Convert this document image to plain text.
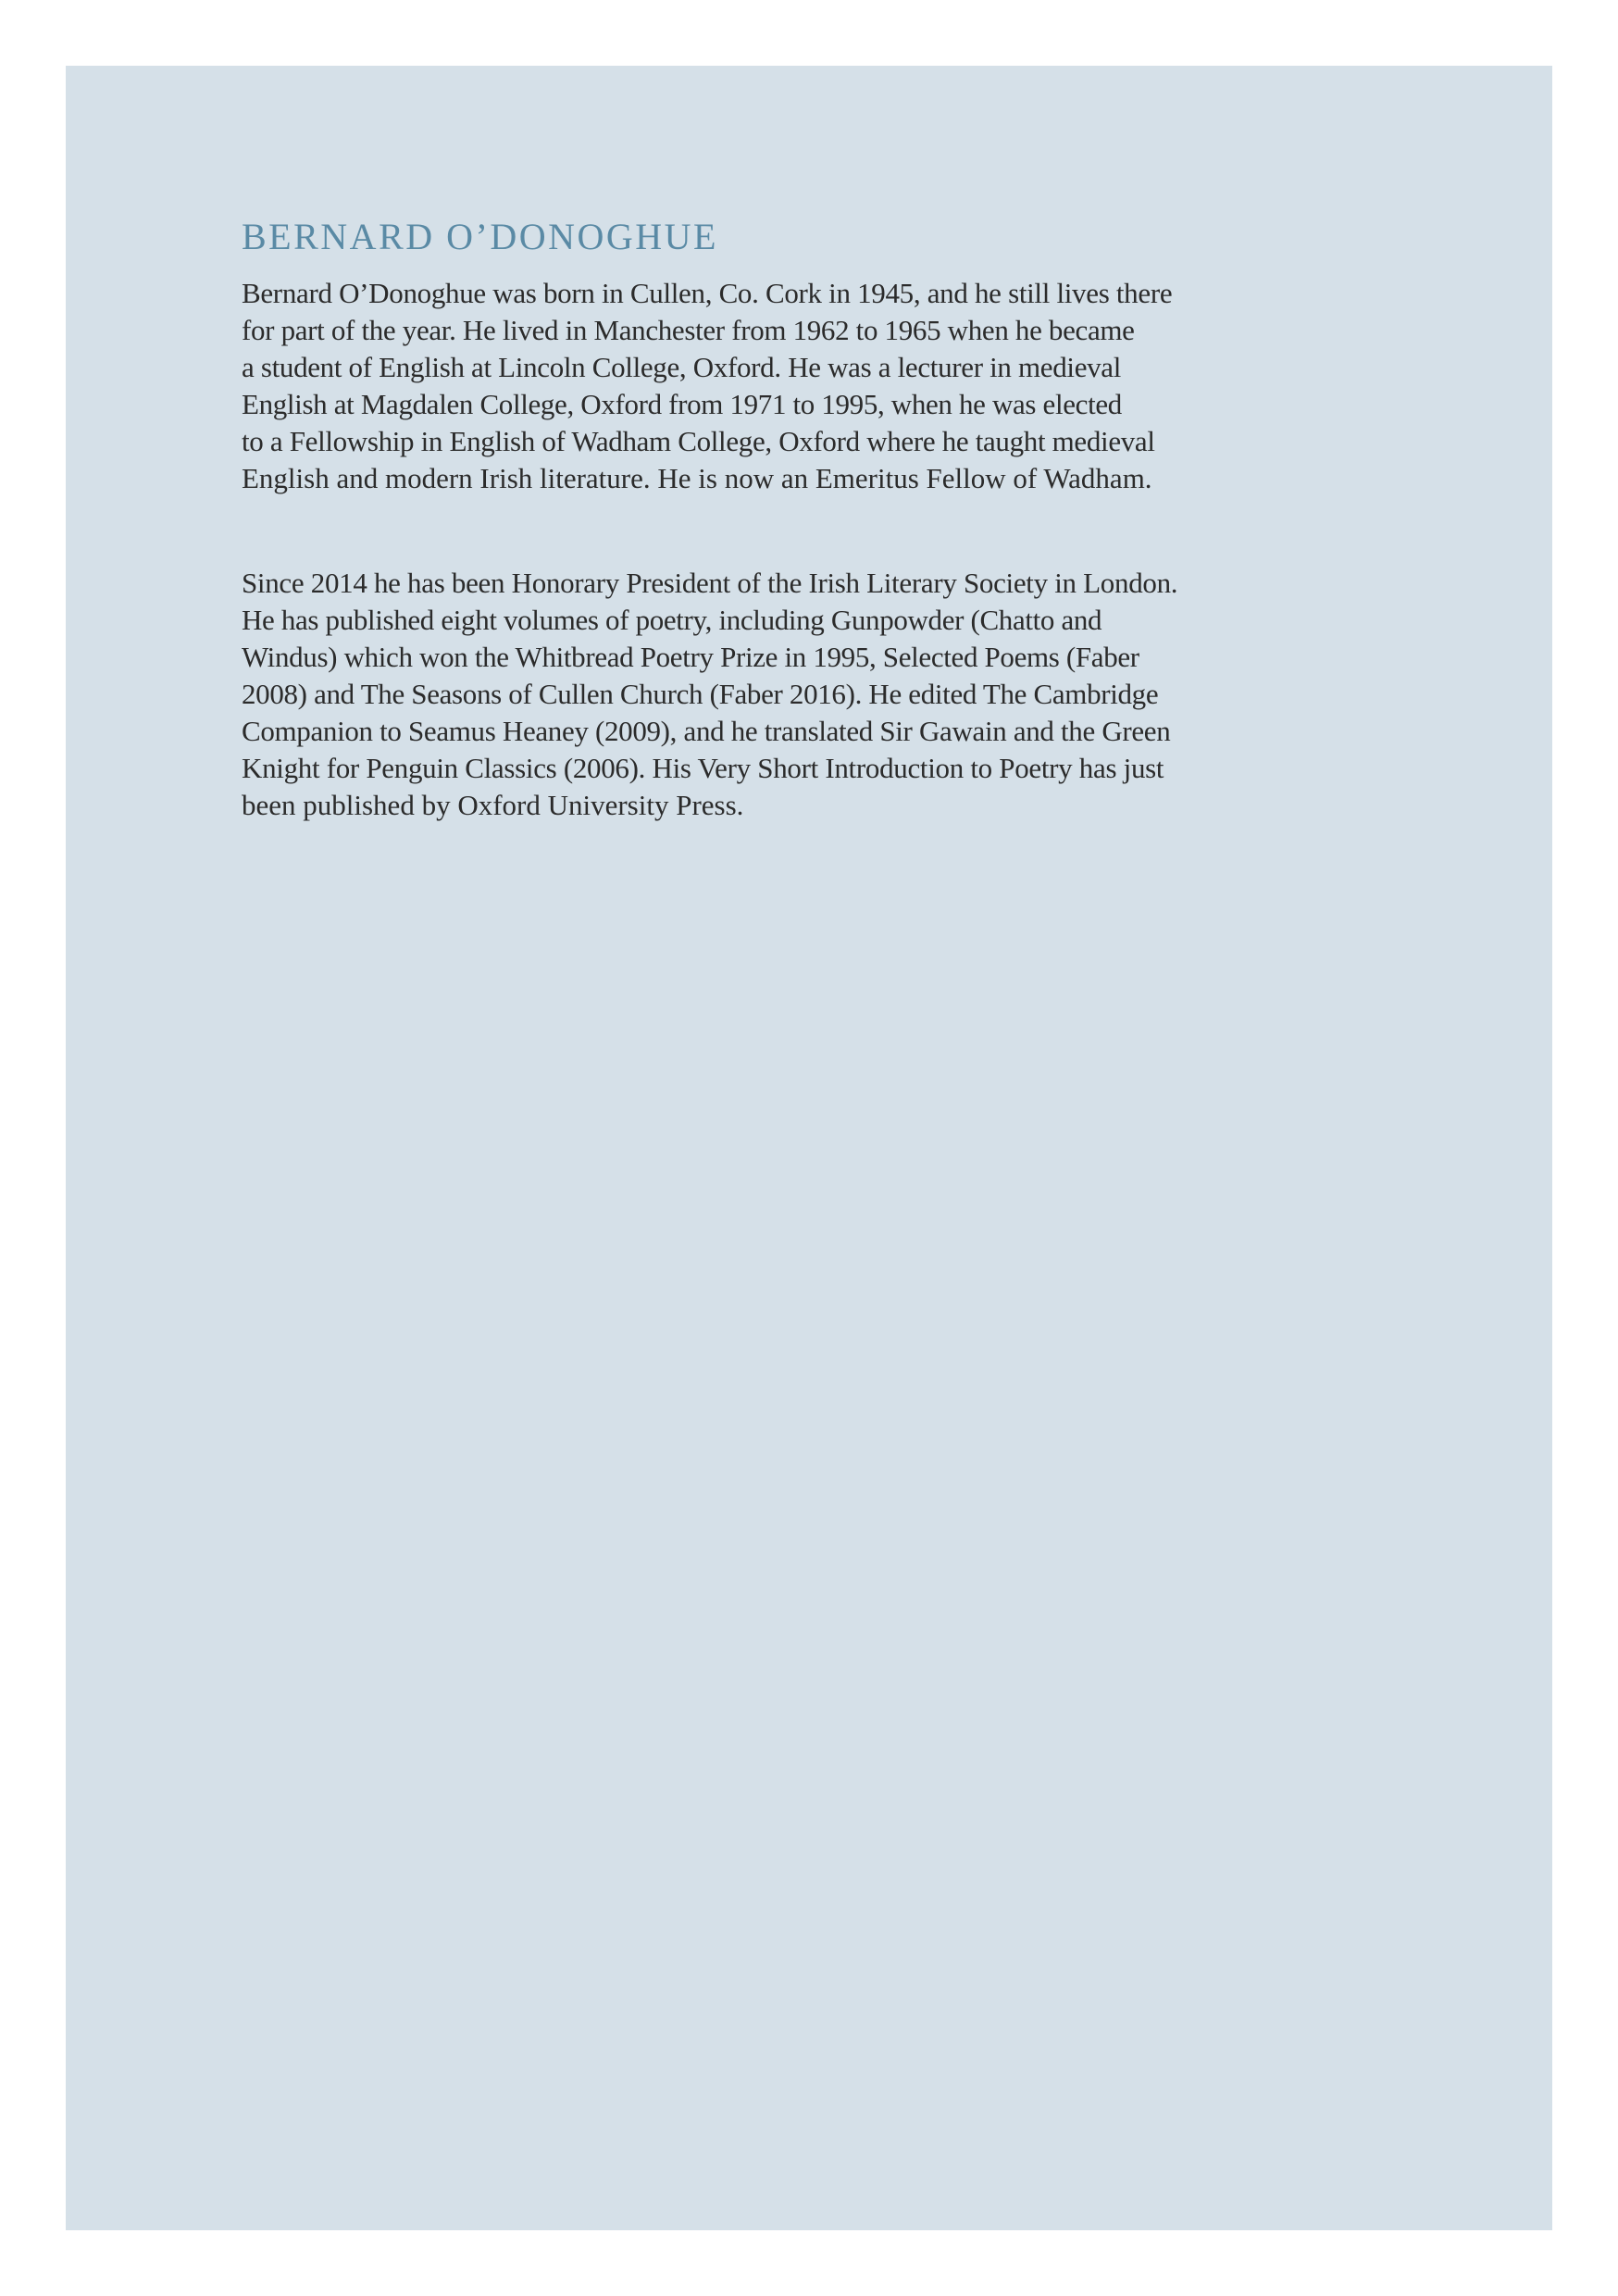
BERNARD O’DONOGHUE
Bernard O’Donoghue was born in Cullen, Co. Cork in 1945, and he still lives there
for part of the year. He lived in Manchester from 1962 to 1965 when he became
a student of English at Lincoln College, Oxford. He was a lecturer in medieval
English at Magdalen College, Oxford from 1971 to 1995, when he was elected
to a Fellowship in English of Wadham College, Oxford where he taught medieval
English and modern Irish literature. He is now an Emeritus Fellow of Wadham.
Since 2014 he has been Honorary President of the Irish Literary Society in London.
He has published eight volumes of poetry, including Gunpowder (Chatto and
Windus) which won the Whitbread Poetry Prize in 1995, Selected Poems (Faber
2008) and The Seasons of Cullen Church (Faber 2016). He edited The Cambridge
Companion to Seamus Heaney (2009), and he translated Sir Gawain and the Green
Knight for Penguin Classics (2006). His Very Short Introduction to Poetry has just
been published by Oxford University Press.
